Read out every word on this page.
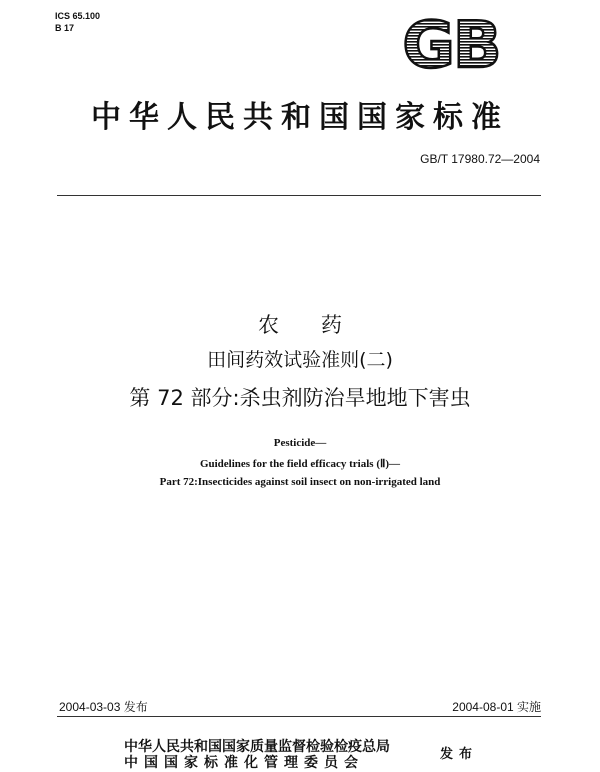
ICS 65.100
B 17	GB
中华人民共和国国家标准
GB/T 17980.72—2004
农　　药
田间药效试验准则(二)
第 72 部分:杀虫剂防治旱地地下害虫
Pesticide—
Guidelines for the field efficacy trials (Ⅱ)—
Part 72:Insecticides against soil insect on non-irrigated land
2004-03-03 发布	2004-08-01 实施
中华人民共和国国家质量监督检验检疫总局
中国国家标准化管理委员会
发布
